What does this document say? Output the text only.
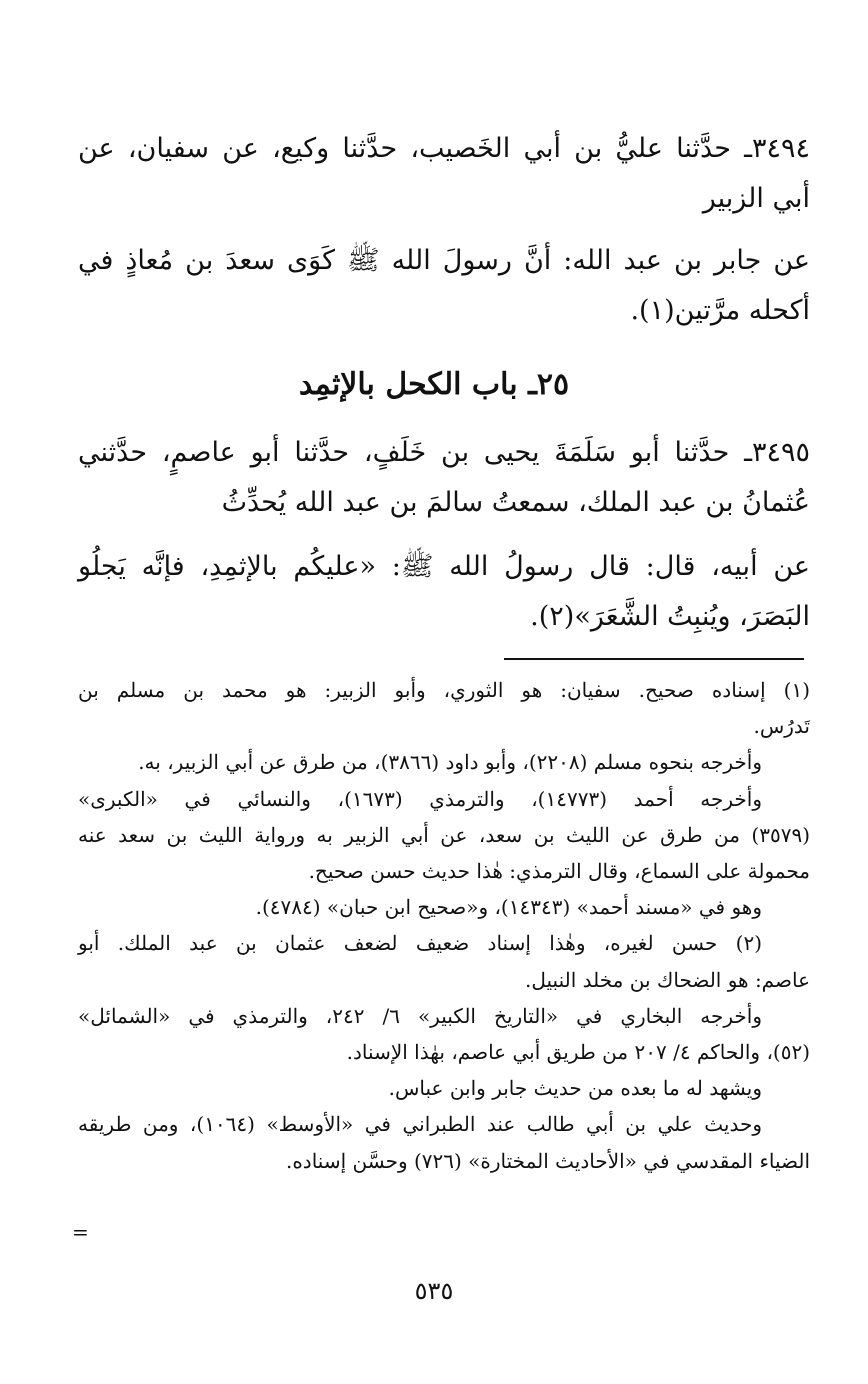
٣٤٩٤ـ حدَّثنا عليُّ بن أبي الخَصيب، حدَّثنا وكيع، عن سفيان، عن
أبي الزبير
عن جابر بن عبد الله: أنَّ رسولَ الله ﷺ كَوَى سعدَ بن مُعاذٍ في
أكحله مرَّتين(١).
٢٥ـ باب الكحل بالإثمِد
٣٤٩٥ـ حدَّثنا أبو سَلَمَةَ يحيى بن خَلَفٍ، حدَّثنا أبو عاصمٍ، حدَّثني
عُثمانُ بن عبد الملك، سمعتُ سالمَ بن عبد الله يُحدِّثُ
عن أبيه، قال: قال رسولُ الله ﷺ: «عليكُم بالإثمِدِ، فإنَّه يَجلُو
البَصَرَ، ويُنبِتُ الشَّعَرَ»(٢).
(١) إسناده صحيح. سفيان: هو الثوري، وأبو الزبير: هو محمد بن مسلم بن
تَدرُس.
وأخرجه بنحوه مسلم (٢٢٠٨)، وأبو داود (٣٨٦٦)، من طرق عن أبي الزبير، به.
وأخرجه أحمد (١٤٧٧٣)، والترمذي (١٦٧٣)، والنسائي في «الكبرى»
(٣٥٧٩) من طرق عن الليث بن سعد، عن أبي الزبير به ورواية الليث بن سعد عنه
محمولة على السماع، وقال الترمذي: هٰذا حديث حسن صحيح.
وهو في «مسند أحمد» (١٤٣٤٣)، و«صحيح ابن حبان» (٤٧٨٤).
(٢) حسن لغيره، وهٰذا إسناد ضعيف لضعف عثمان بن عبد الملك. أبو
عاصم: هو الضحاك بن مخلد النبيل.
وأخرجه البخاري في «التاريخ الكبير» ٦/ ٢٤٢، والترمذي في «الشمائل»
(٥٢)، والحاكم ٤/ ٢٠٧ من طريق أبي عاصم، بهٰذا الإسناد.
ويشهد له ما بعده من حديث جابر وابن عباس.
وحديث علي بن أبي طالب عند الطبراني في «الأوسط» (١٠٦٤)، ومن طريقه
الضياء المقدسي في «الأحاديث المختارة» (٧٢٦) وحسَّن إسناده.
=
٥٣٥
